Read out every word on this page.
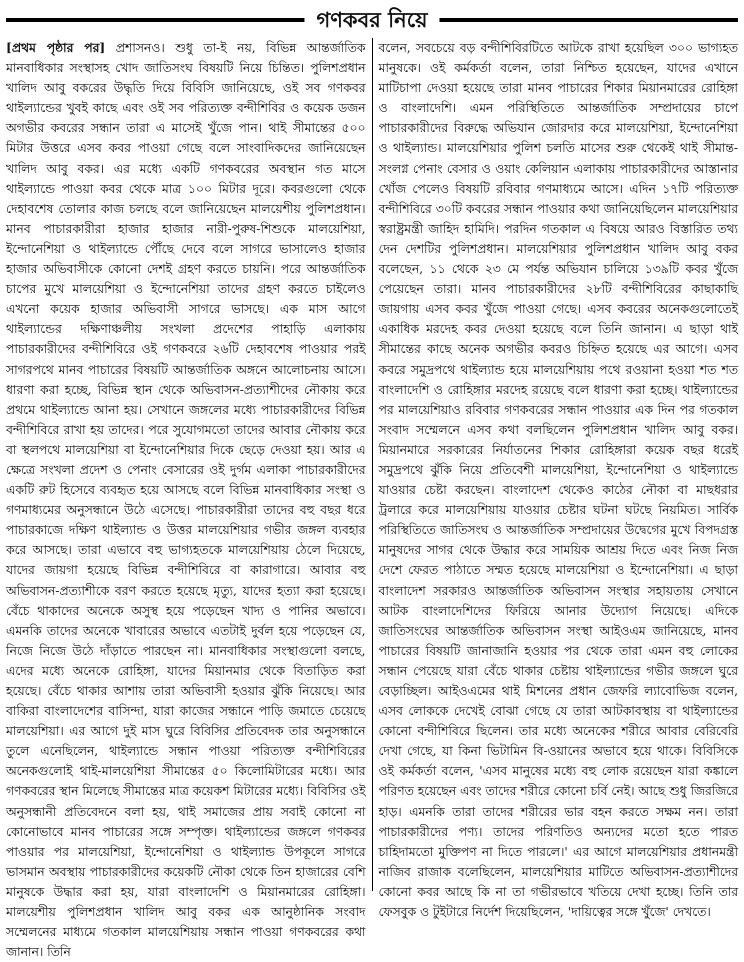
গণকবর নিয়ে

[প্রথম পৃষ্ঠার পর] প্রশাসনও। শুধু তা-ই নয়, বিভিন্ন আন্তর্জাতিক মানবাধিকার সংস্থাসহ খোদ জাতিসংঘ বিষয়টি নিয়ে চিন্তিত। পুলিশপ্রধান খালিদ আবু বকরের উদ্ধৃতি দিয়ে বিবিসি জানিয়েছে, ওই সব গণকবর থাইল্যান্ডের খুবই কাছে এবং ওই সব পরিত্যক্ত বন্দীশিবির ও কয়েক ডজন অগভীর কবরের সন্ধান তারা এ মাসেই খুঁজে পান। থাই সীমান্তের ৫০০ মিটার উত্তরে এসব কবর পাওয়া গেছে বলে সাংবাদিকদের জানিয়েছেন খালিদ আবু বকর। এর মধ্যে একটি গণকবরের অবস্থান গত মাসে থাইল্যান্ডে পাওয়া কবর থেকে মাত্র ১০০ মিটার দূরে। কবরগুলো থেকে দেহাবশেষ তোলার কাজ চলছে বলে জানিয়েছেন মালয়েশীয় পুলিশপ্রধান। মানব পাচারকারীরা হাজার হাজার নারী-পুরুষ-শিশুকে মালয়েশিয়া, ইন্দোনেশিয়া ও থাইল্যান্ডে পৌঁছে দেবে বলে সাগরে ভাসালেও হাজার হাজার অভিবাসীকে কোনো দেশই গ্রহণ করতে চায়নি। পরে আন্তর্জাতিক চাপের মুখে মালয়েশিয়া ও ইন্দোনেশিয়া তাদের গ্রহণ করতে চাইলেও এখনো কয়েক হাজার অভিবাসী সাগরে ভাসছে। এক মাস আগে থাইল্যান্ডের দক্ষিণাঞ্চলীয় সংখলা প্রদেশের পাহাড়ি এলাকায় পাচারকারীদের বন্দীশিবিরে ওই গণকবরে ২৬টি দেহাবশেষ পাওয়ার পরই সাগরপথে মানব পাচারের বিষয়টি আন্তর্জাতিক অঙ্গনে আলোচনায় আসে। ধারণা করা হচ্ছে, বিভিন্ন স্থান থেকে অভিবাসন-প্রত্যাশীদের নৌকায় করে প্রথমে থাইল্যান্ডে আনা হয়। সেখানে জঙ্গলের মধ্যে পাচারকারীদের বিভিন্ন বন্দীশিবিরে রাখা হয় তাদের। পরে সুযোগমতো তাদের আবার নৌকায় করে বা স্থলপথে মালয়েশিয়া বা ইন্দোনেশিয়ার দিকে ছেড়ে দেওয়া হয়। আর এ ক্ষেত্রে সংখলা প্রদেশ ও পেনাং বেসারের ওই দুর্গম এলাকা পাচারকারীদের একটি রুট হিসেবে ব্যবহৃত হয়ে আসছে বলে বিভিন্ন মানবাধিকার সংস্থা ও গণমাধ্যমের অনুসন্ধানে উঠে এসেছে। পাচারকারীরা তাদের বহু বছর ধরে পাচারকাজে দক্ষিণ থাইল্যান্ড ও উত্তর মালয়েশিয়ার গভীর জঙ্গল ব্যবহার করে আসছে। তারা এভাবে বহু ভাগ্যহতকে মালয়েশিয়ায় ঠেলে দিয়েছে, যাদের জায়গা হয়েছে বিভিন্ন বন্দীশিবিরে বা কারাগারে। আবার বহু অভিবাসন-প্রত্যাশীকে বরণ করতে হয়েছে মৃত্যু, যাদের হত্যা করা হয়েছে। বেঁচে থাকাদের অনেকে অসুস্থ হয়ে পড়েছেন খাদ্য ও পানির অভাবে। এমনকি তাদের অনেকে খাবারের অভাবে এতটাই দুর্বল হয়ে পড়েছেন যে, নিজে নিজে উঠে দাঁড়াতে পারছেন না। মানবাধিকার সংস্থাগুলো বলছে, এদের মধ্যে অনেকে রোহিঙ্গা, যাদের মিয়ানমার থেকে বিতাড়িত করা হয়েছে। বেঁচে থাকার আশায় তারা অভিবাসী হওয়ার ঝুঁকি নিয়েছে। আর বাকিরা বাংলাদেশের বাসিন্দা, যারা কাজের সন্ধানে পাড়ি জমাতে চেয়েছে মালয়েশিয়া। এর আগে দুই মাস ঘুরে বিবিসির প্রতিবেদক তার অনুসন্ধানে তুলে এনেছিলেন, থাইল্যান্ডে সন্ধান পাওয়া পরিত্যক্ত বন্দীশিবিরের অনেকগুলোই থাই-মালয়েশিয়া সীমান্তের ৫০ কিলোমিটারের মধ্যে। আর গণকবরের স্থান মিলেছে সীমান্তের মাত্র কয়েকশ মিটারের মধ্যে। বিবিসির ওই অনুসন্ধানী প্রতিবেদনে বলা হয়, থাই সমাজের প্রায় সবাই কোনো না কোনোভাবে মানব পাচারের সঙ্গে সম্পৃক্ত। থাইল্যান্ডের জঙ্গলে গণকবর পাওয়ার পর মালয়েশিয়া, ইন্দোনেশিয়া ও থাইল্যান্ড উপকূলে সাগরে ভাসমান অবস্থায় পাচারকারীদের কয়েকটি নৌকা থেকে তিন হাজারের বেশি মানুষকে উদ্ধার করা হয়, যারা বাংলাদেশি ও মিয়ানমারের রোহিঙ্গা। মালয়েশীয় পুলিশপ্রধান খালিদ আবু বকর এক আনুষ্ঠানিক সংবাদ সম্মেলনের মাধ্যমে গতকাল মালয়েশিয়ায় সন্ধান পাওয়া গণকবরের কথা জানান। তিনি

বলেন, সবচেয়ে বড় বন্দীশিবিরটিতে আটকে রাখা হয়েছিল ৩০০ ভাগ্যহত মানুষকে। ওই কর্মকর্তা বলেন, তারা নিশ্চিত হয়েছেন, যাদের এখানে মাটিচাপা দেওয়া হয়েছে তারা মানব পাচারের শিকার মিয়ানমারের রোহিঙ্গা ও বাংলাদেশি। এমন পরিস্থিতিতে আন্তর্জাতিক সম্প্রদায়ের চাপে পাচারকারীদের বিরুদ্ধে অভিযান জোরদার করে মালয়েশিয়া, ইন্দোনেশিয়া ও থাইল্যান্ড। মালয়েশিয়ার পুলিশ চলতি মাসের শুরু থেকেই থাই সীমান্ত-সংলগ্ন পেনাং বেসার ও ওয়াং কেলিয়ান এলাকায় পাচারকারীদের আস্তানার খোঁজ পেলেও বিষয়টি রবিবার গণমাধ্যমে আসে। এদিন ১৭টি পরিত্যক্ত বন্দীশিবিরে ৩০টি কবরের সন্ধান পাওয়ার কথা জানিয়েছিলেন মালয়েশিয়ার স্বরাষ্ট্রমন্ত্রী জাহিদ হামিদি। পরদিন গতকাল এ বিষয়ে আরও বিস্তারিত তথ্য দেন দেশটির পুলিশপ্রধান। মালয়েশিয়ার পুলিশপ্রধান খালিদ আবু বকর বলেছেন, ১১ থেকে ২৩ মে পর্যন্ত অভিযান চালিয়ে ১৩৯টি কবর খুঁজে পেয়েছেন তারা। মানব পাচারকারীদের ২৮টি বন্দীশিবিরের কাছাকাছি জায়গায় এসব কবর খুঁজে পাওয়া গেছে। এসব কবরের অনেকগুলোতেই একাধিক মরদেহ কবর দেওয়া হয়েছে বলে তিনি জানান। এ ছাড়া থাই সীমান্তের কাছে অনেক অগভীর কবরও চিহ্নিত হয়েছে এর আগে। এসব কবরে সমুদ্রপথে থাইল্যান্ড হয়ে মালয়েশিয়ায় পথে রওয়ানা হওয়া শত শত বাংলাদেশি ও রোহিঙ্গার মরদেহ রয়েছে বলে ধারণা করা হচ্ছে। থাইল্যান্ডের পর মালয়েশিয়াও রবিবার গণকবরের সন্ধান পাওয়ার এক দিন পর গতকাল সংবাদ সম্মেলনে এসব কথা বলছিলেন পুলিশপ্রধান খালিদ আবু বকর। মিয়ানমারে সরকারের নির্যাতনের শিকার রোহিঙ্গারা কয়েক বছর ধরেই সমুদ্রপথে ঝুঁকি নিয়ে প্রতিবেশী মালয়েশিয়া, ইন্দোনেশিয়া ও থাইল্যান্ডে যাওয়ার চেষ্টা করছেন। বাংলাদেশ থেকেও কাঠের নৌকা বা মাছধরার ট্রলারে করে মালয়েশিয়ায় যাওয়ার চেষ্টার ঘটনা ঘটছে নিয়মিত। সার্বিক পরিস্থিতিতে জাতিসংঘ ও আন্তর্জাতিক সম্প্রদায়ের উদ্বেগের মুখে বিপদগ্রস্ত মানুষদের সাগর থেকে উদ্ধার করে সাময়িক আশ্রয় দিতে এবং নিজ নিজ দেশে ফেরত পাঠাতে সম্মত হয়েছে মালয়েশিয়া ও ইন্দোনেশিয়া। এ ছাড়া বাংলাদেশ সরকারও আন্তর্জাতিক অভিবাসন সংস্থার সহায়তায় সেখানে আটক বাংলাদেশিদের ফিরিয়ে আনার উদ্যোগ নিয়েছে। এদিকে জাতিসংঘের আন্তর্জাতিক অভিবাসন সংস্থা আইওএম জানিয়েছে, মানব পাচারের বিষয়টি জানাজানি হওয়ার পর থেকে তারা এমন বহু লোকের সন্ধান পেয়েছে যারা বেঁচে থাকার চেষ্টায় থাইল্যান্ডের গভীর জঙ্গলে ঘুরে বেড়াচ্ছিল। আইওএমের থাই মিশনের প্রধান জেফরি ল্যাবোভিজ বলেন, এসব লোককে দেখেই বোঝা গেছে যে তারা আটকাবস্থায় বা থাইল্যান্ডের কোনো বন্দীশিবিরে ছিলেন। তার মধ্যে অনেকের শরীরে আবার বেরিবেরি দেখা গেছে, যা কিনা ভিটামিন বি-ওয়ানের অভাবে হয়ে থাকে। বিবিসিকে ওই কর্মকর্তা বলেন, 'এসব মানুষের মধ্যে বহু লোক রয়েছেন যারা কঙ্কালে পরিণত হয়েছেন এবং তাদের শরীরে কোনো চর্বি নেই। আছে শুধু জিরজিরে হাড়। এমনকি তারা তাদের শরীরের ভার বহন করতে সক্ষম নন। তারা পাচারকারীদের পণ্য। তাদের পরিণতিও অন্যদের মতো হতে পারত চাহিদামতো মুক্তিপণ না দিতে পারলে।' এর আগে মালয়েশিয়ার প্রধানমন্ত্রী নাজিব রাজাক বলেছিলেন, মালয়েশিয়ার মাটিতে অভিবাসন-প্রত্যাশীদের কোনো কবর আছে কি না তা গভীরভাবে খতিয়ে দেখা হচ্ছে। তিনি তার ফেসবুক ও টুইটারে নির্দেশ দিয়েছিলেন, 'দায়িত্বের সঙ্গে খুঁজে' দেখতে।
